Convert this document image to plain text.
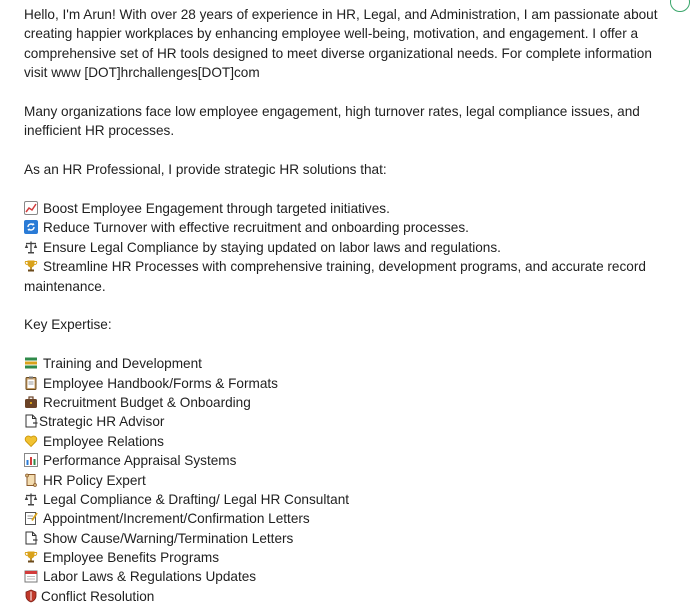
Hello, I'm Arun! With over 28 years of experience in HR, Legal, and Administration, I am passionate about
creating happier workplaces by enhancing employee well-being, motivation, and engagement. I offer a
comprehensive set of HR tools designed to meet diverse organizational needs. For complete information
visit www [DOT]hrchallenges[DOT]com

Many organizations face low employee engagement, high turnover rates, legal compliance issues, and
inefficient HR processes.

As an HR Professional, I provide strategic HR solutions that:

Boost Employee Engagement through targeted initiatives.
Reduce Turnover with effective recruitment and onboarding processes.
Ensure Legal Compliance by staying updated on labor laws and regulations.
Streamline HR Processes with comprehensive training, development programs, and accurate record
maintenance.

Key Expertise:

Training and Development
Employee Handbook/Forms & Formats
Recruitment Budget & Onboarding
Strategic HR Advisor
Employee Relations
Performance Appraisal Systems
HR Policy Expert
Legal Compliance & Drafting/ Legal HR Consultant
Appointment/Increment/Confirmation Letters
Show Cause/Warning/Termination Letters
Employee Benefits Programs
Labor Laws & Regulations Updates
Conflict Resolution
